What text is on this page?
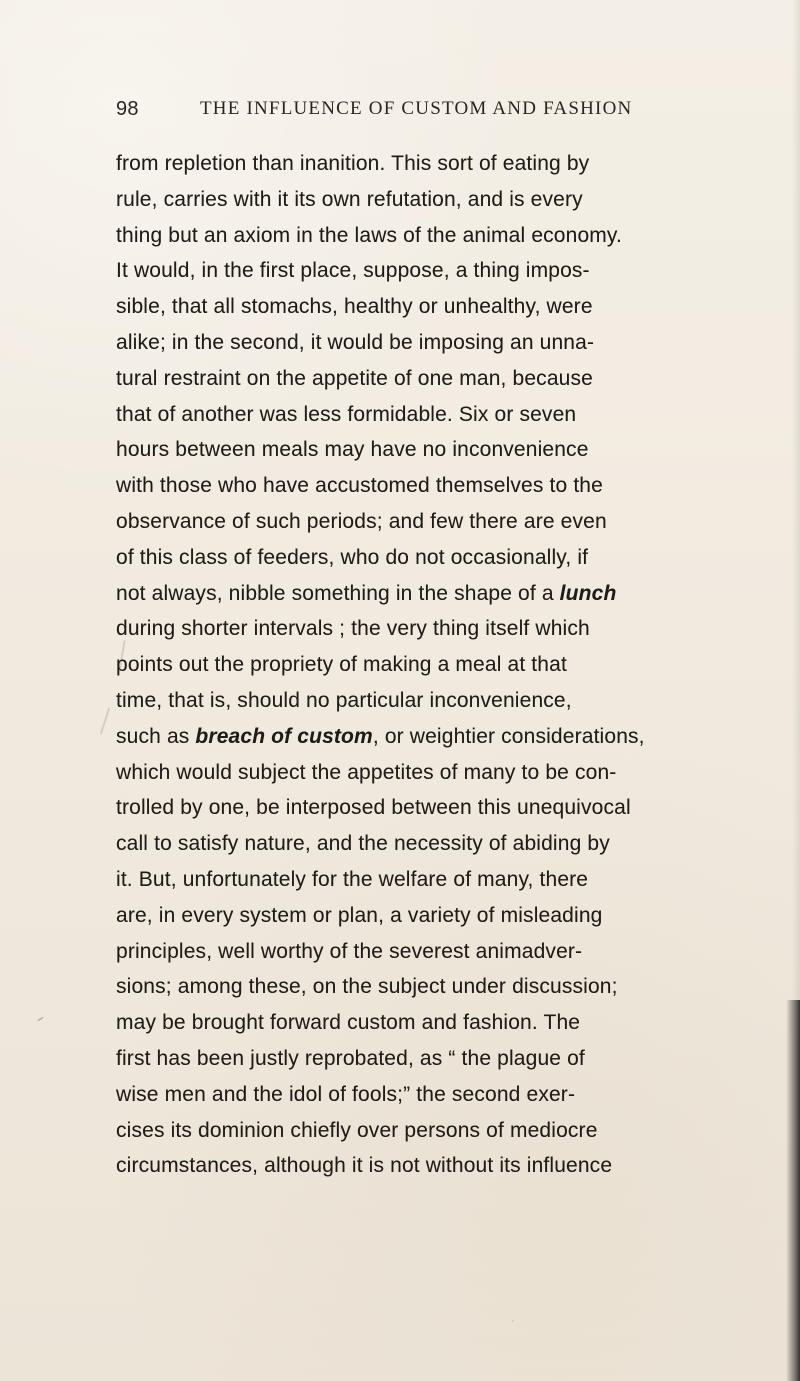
98	THE INFLUENCE OF CUSTOM AND FASHION
from repletion than inanition. This sort of eating by
rule, carries with it its own refutation, and is every
thing but an axiom in the laws of the animal economy.
It would, in the first place, suppose, a thing impos-
sible, that all stomachs, healthy or unhealthy, were
alike; in the second, it would be imposing an unna-
tural restraint on the appetite of one man, because
that of another was less formidable. Six or seven
hours between meals may have no inconvenience
with those who have accustomed themselves to the
observance of such periods; and few there are even
of this class of feeders, who do not occasionally, if
not always, nibble something in the shape of a lunch
during shorter intervals ; the very thing itself which
points out the propriety of making a meal at that
time, that is, should no particular inconvenience,
such as breach of custom, or weightier considerations,
which would subject the appetites of many to be con-
trolled by one, be interposed between this unequivocal
call to satisfy nature, and the necessity of abiding by
it. But, unfortunately for the welfare of many, there
are, in every system or plan, a variety of misleading
principles, well worthy of the severest animadver-
sions; among these, on the subject under discussion;
may be brought forward custom and fashion. The
first has been justly reprobated, as “ the plague of
wise men and the idol of fools;” the second exer-
cises its dominion chiefly over persons of mediocre
circumstances, although it is not without its influence
